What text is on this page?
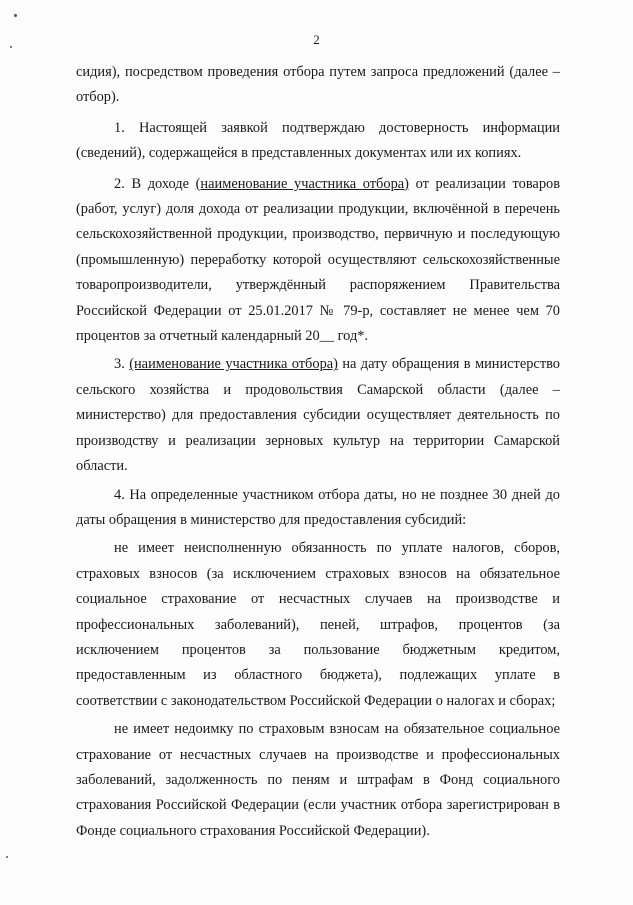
2

сидия), посредством проведения отбора путем запроса предложений (далее – отбор).

1. Настоящей заявкой подтверждаю достоверность информации (сведений), содержащейся в представленных документах или их копиях.

2. В доходе (наименование участника отбора) от реализации товаров (работ, услуг) доля дохода от реализации продукции, включённой в перечень сельскохозяйственной продукции, производство, первичную и последующую (промышленную) переработку которой осуществляют сельскохозяйственные товаропроизводители, утверждённый распоряжением Правительства Российской Федерации от 25.01.2017 № 79-р, составляет не менее чем 70 процентов за отчетный календарный 20__ год*.

3. (наименование участника отбора) на дату обращения в министерство сельского хозяйства и продовольствия Самарской области (далее – министерство) для предоставления субсидии осуществляет деятельность по производству и реализации зерновых культур на территории Самарской области.

4. На определенные участником отбора даты, но не позднее 30 дней до даты обращения в министерство для предоставления субсидий:

не имеет неисполненную обязанность по уплате налогов, сборов, страховых взносов (за исключением страховых взносов на обязательное социальное страхование от несчастных случаев на производстве и профессиональных заболеваний), пеней, штрафов, процентов (за исключением процентов за пользование бюджетным кредитом, предоставленным из областного бюджета), подлежащих уплате в соответствии с законодательством Российской Федерации о налогах и сборах;

не имеет недоимку по страховым взносам на обязательное социальное страхование от несчастных случаев на производстве и профессиональных заболеваний, задолженность по пеням и штрафам в Фонд социального страхования Российской Федерации (если участник отбора зарегистрирован в Фонде социального страхования Российской Федерации).
